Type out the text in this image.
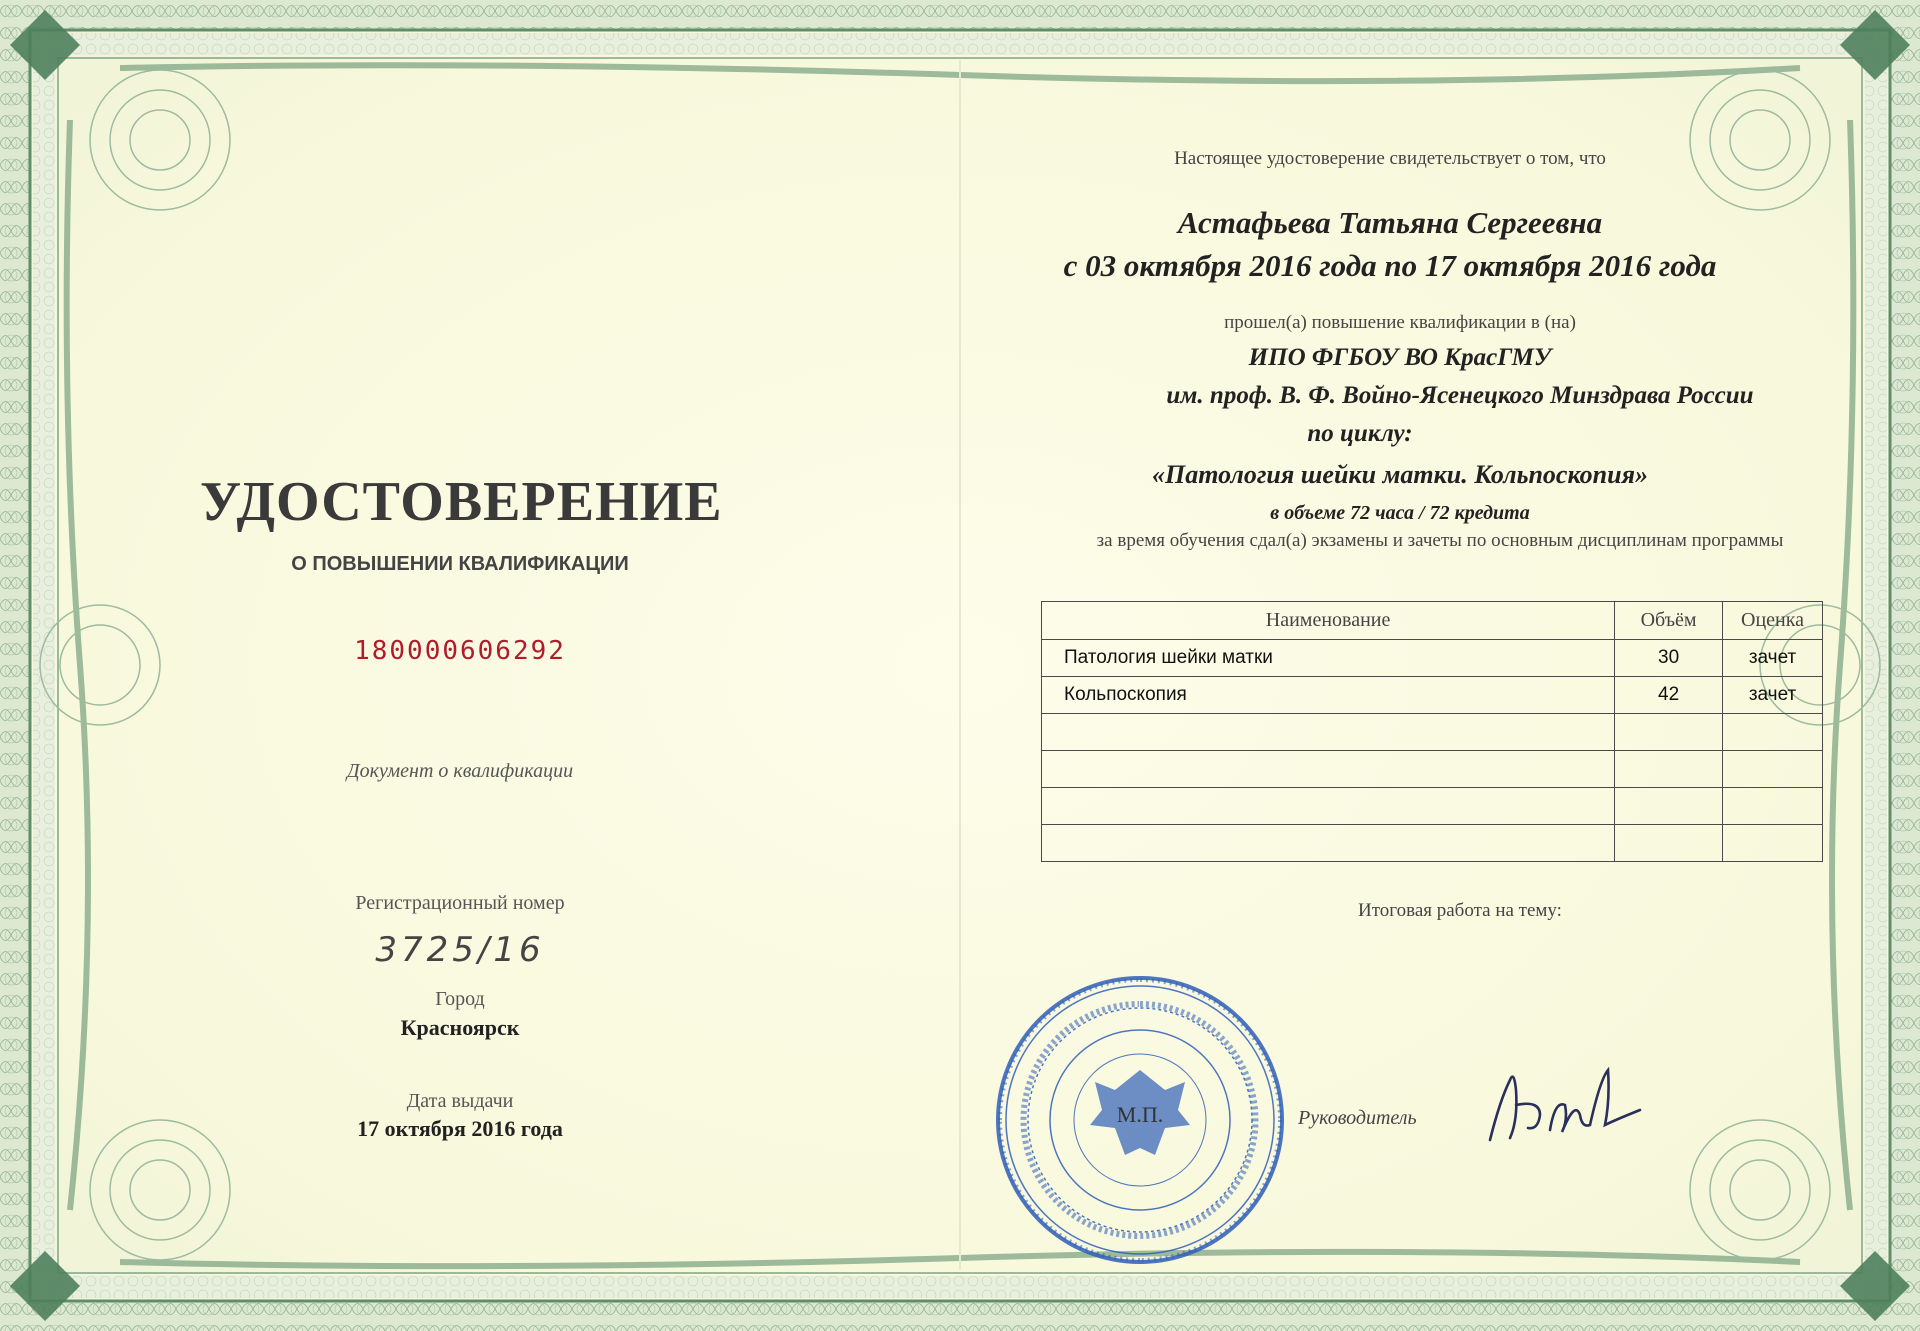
УДОСТОВЕРЕНИЕ
О ПОВЫШЕНИИ КВАЛИФИКАЦИИ
180000606292
Документ о квалификации
Регистрационный номер
3725/16
Город
Красноярск
Дата выдачи
17 октября 2016 года
Настоящее удостоверение свидетельствует о том, что
Астафьева Татьяна Сергеевна
с 03 октября 2016 года по 17 октября 2016 года
прошел(а) повышение квалификации в (на)
ИПО ФГБОУ ВО КрасГМУ
им. проф. В. Ф. Войно-Ясенецкого Минздрава России
по циклу:
«Патология шейки матки. Кольпоскопия»
в объеме 72 часа / 72 кредита
за время обучения сдал(а) экзамены и зачеты по основным дисциплинам программы
Наименование	Объём	Оценка
Патология шейки матки	30	зачет
Кольпоскопия	42	зачет

Итоговая работа на тему:
М.П.	Руководитель
